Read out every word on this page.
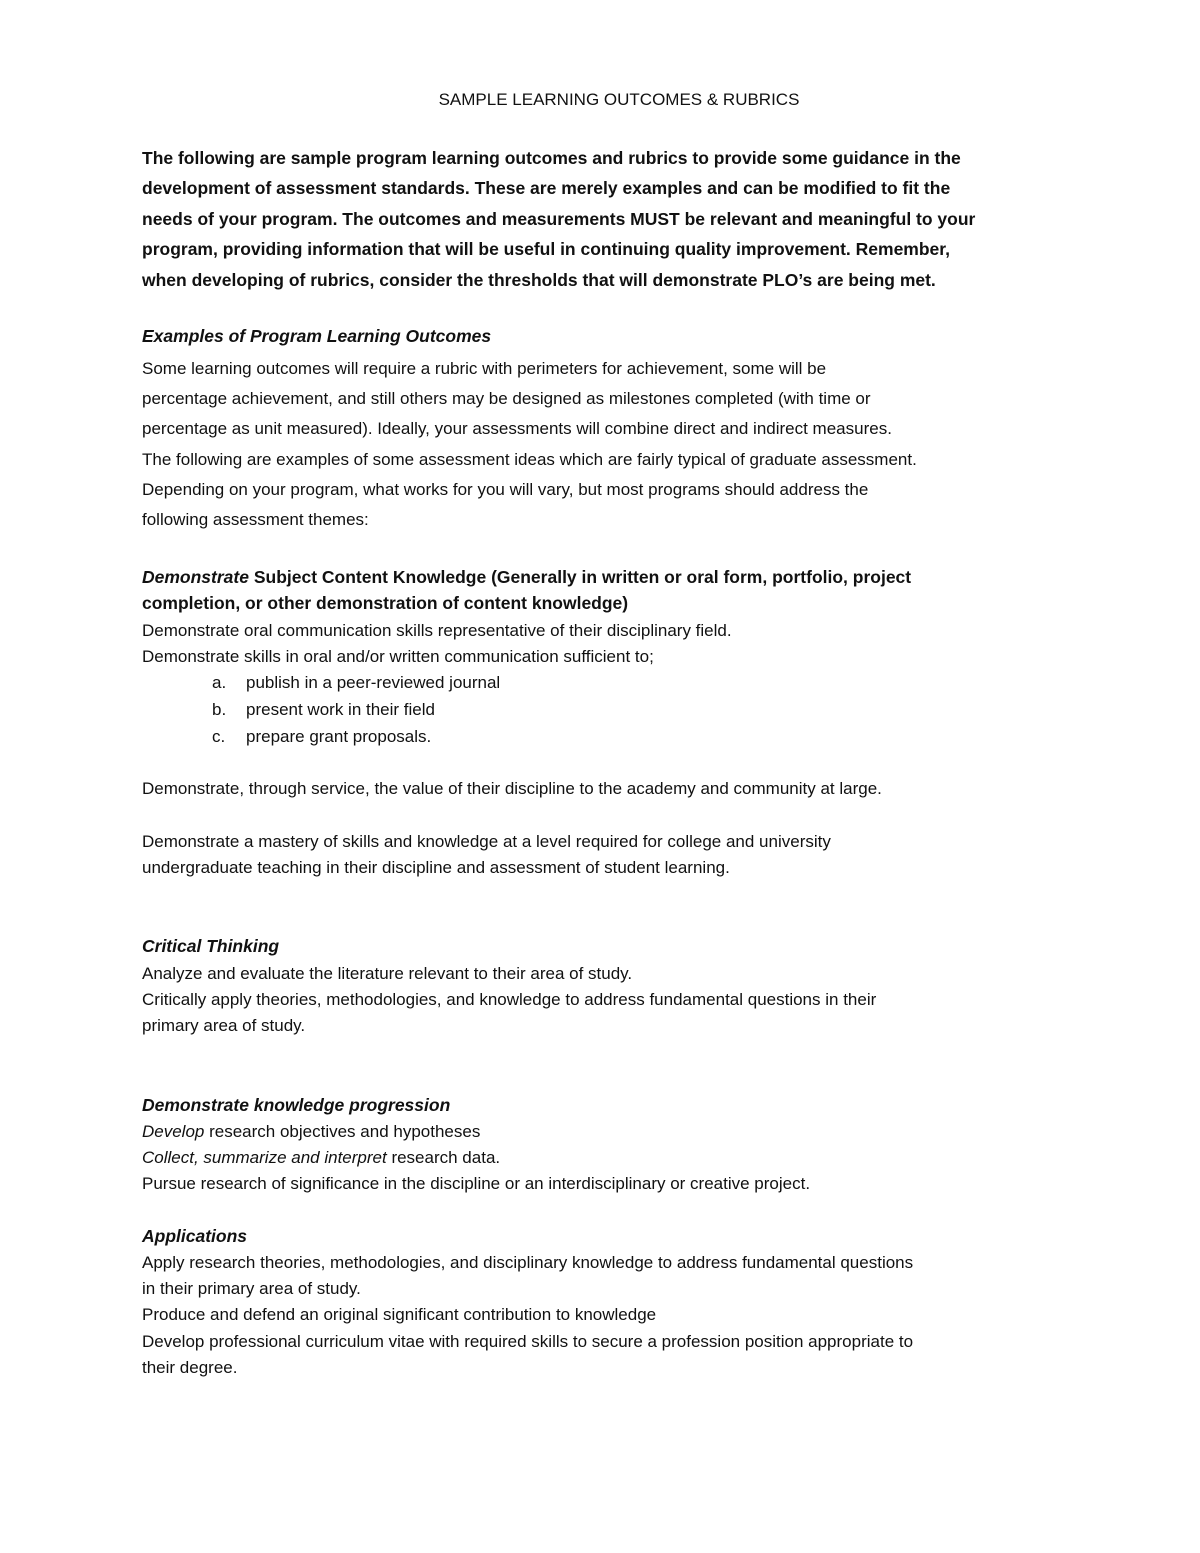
SAMPLE LEARNING OUTCOMES & RUBRICS
The following are sample program learning outcomes and rubrics to provide some guidance in the
development of assessment standards. These are merely examples and can be modified to fit the
needs of your program. The outcomes and measurements MUST be relevant and meaningful to your
program, providing information that will be useful in continuing quality improvement. Remember,
when developing of rubrics, consider the thresholds that will demonstrate PLO’s are being met.
Examples of Program Learning Outcomes
Some learning outcomes will require a rubric with perimeters for achievement, some will be
percentage achievement, and still others may be designed as milestones completed (with time or
percentage as unit measured). Ideally, your assessments will combine direct and indirect measures.
The following are examples of some assessment ideas which are fairly typical of graduate assessment.
Depending on your program, what works for you will vary, but most programs should address the
following assessment themes:
Demonstrate Subject Content Knowledge (Generally in written or oral form, portfolio, project
completion, or other demonstration of content knowledge)
Demonstrate oral communication skills representative of their disciplinary field.
Demonstrate skills in oral and/or written communication sufficient to;
a. publish in a peer-reviewed journal
b. present work in their field
c. prepare grant proposals.
Demonstrate, through service, the value of their discipline to the academy and community at large.
Demonstrate a mastery of skills and knowledge at a level required for college and university
undergraduate teaching in their discipline and assessment of student learning.
Critical Thinking
Analyze and evaluate the literature relevant to their area of study.
Critically apply theories, methodologies, and knowledge to address fundamental questions in their
primary area of study.
Demonstrate knowledge progression
Develop research objectives and hypotheses
Collect, summarize and interpret research data.
Pursue research of significance in the discipline or an interdisciplinary or creative project.
Applications
Apply research theories, methodologies, and disciplinary knowledge to address fundamental questions
in their primary area of study.
Produce and defend an original significant contribution to knowledge
Develop professional curriculum vitae with required skills to secure a profession position appropriate to
their degree.
